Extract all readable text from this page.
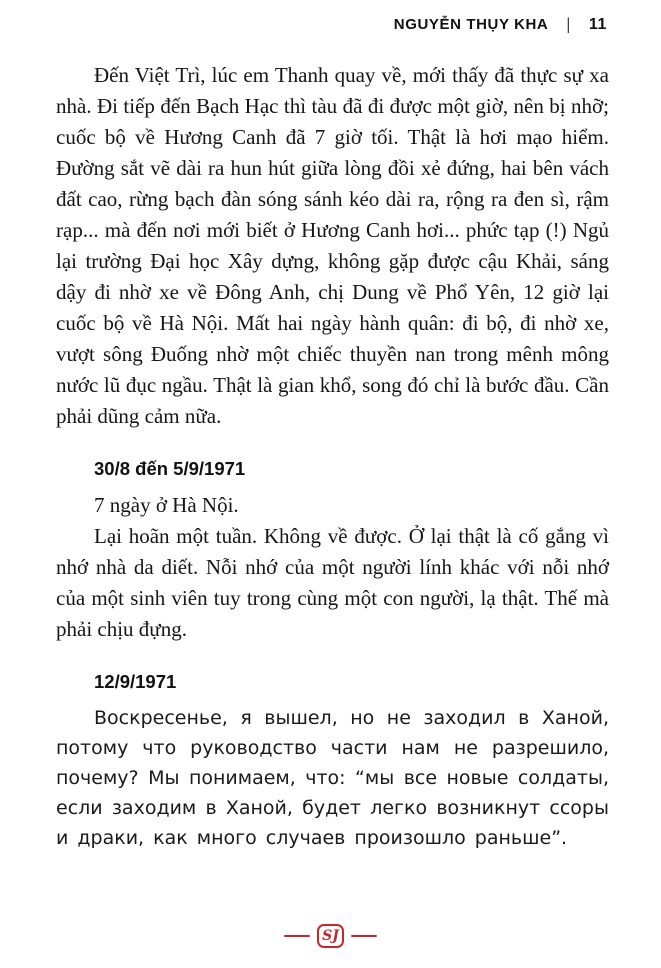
NGUYỄN THỤY KHA | 11

Đến Việt Trì, lúc em Thanh quay về, mới thấy đã thực sự xa nhà. Đi tiếp đến Bạch Hạc thì tàu đã đi được một giờ, nên bị nhỡ; cuốc bộ về Hương Canh đã 7 giờ tối. Thật là hơi mạo hiểm. Đường sắt vẽ dài ra hun hút giữa lòng đồi xẻ đứng, hai bên vách đất cao, rừng bạch đàn sóng sánh kéo dài ra, rộng ra đen sì, rậm rạp... mà đến nơi mới biết ở Hương Canh hơi... phức tạp (!) Ngủ lại trường Đại học Xây dựng, không gặp được cậu Khải, sáng dậy đi nhờ xe về Đông Anh, chị Dung về Phổ Yên, 12 giờ lại cuốc bộ về Hà Nội. Mất hai ngày hành quân: đi bộ, đi nhờ xe, vượt sông Đuống nhờ một chiếc thuyền nan trong mênh mông nước lũ đục ngầu. Thật là gian khổ, song đó chỉ là bước đầu. Cần phải dũng cảm nữa.

30/8 đến 5/9/1971

7 ngày ở Hà Nội.

Lại hoãn một tuần. Không về được. Ở lại thật là cố gắng vì nhớ nhà da diết. Nỗi nhớ của một người lính khác với nỗi nhớ của một sinh viên tuy trong cùng một con người, lạ thật. Thế mà phải chịu đựng.

12/9/1971

Воскресенье, я вышел, но не заходил в Ханой, потому что руководство части нам не разрешило, почему? Мы понимаем, что: “мы все новые солдаты, если заходим в Ханой, будет легко возникнут ссоры и драки, как много случаев произошло раньше”.

SJ
